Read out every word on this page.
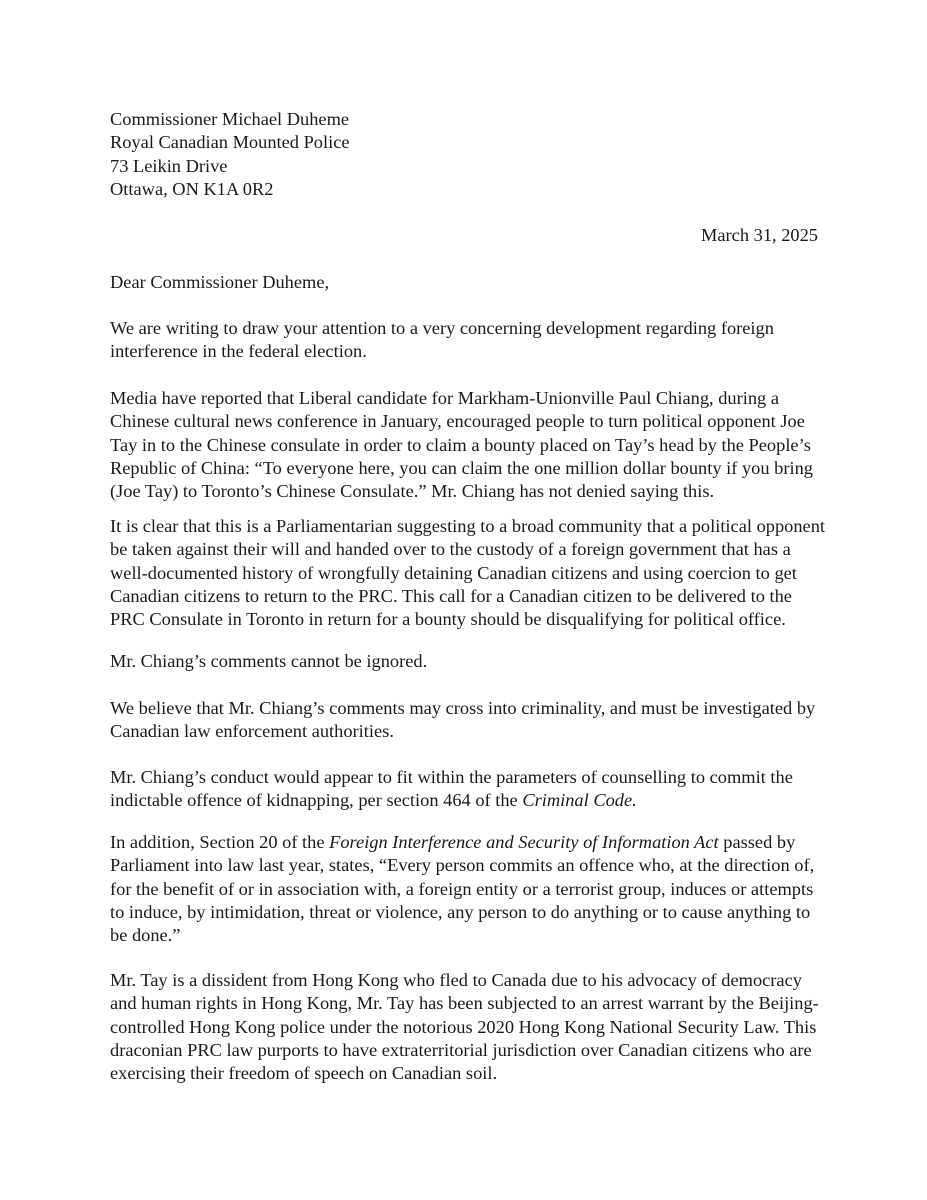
Commissioner Michael Duheme
Royal Canadian Mounted Police
73 Leikin Drive
Ottawa, ON K1A 0R2
March 31, 2025
Dear Commissioner Duheme,
We are writing to draw your attention to a very concerning development regarding foreign
interference in the federal election.
Media have reported that Liberal candidate for Markham-Unionville Paul Chiang, during a
Chinese cultural news conference in January, encouraged people to turn political opponent Joe
Tay in to the Chinese consulate in order to claim a bounty placed on Tay’s head by the People’s
Republic of China: “To everyone here, you can claim the one million dollar bounty if you bring
(Joe Tay) to Toronto’s Chinese Consulate.” Mr. Chiang has not denied saying this.
It is clear that this is a Parliamentarian suggesting to a broad community that a political opponent
be taken against their will and handed over to the custody of a foreign government that has a
well-documented history of wrongfully detaining Canadian citizens and using coercion to get
Canadian citizens to return to the PRC. This call for a Canadian citizen to be delivered to the
PRC Consulate in Toronto in return for a bounty should be disqualifying for political office.
Mr. Chiang’s comments cannot be ignored.
We believe that Mr. Chiang’s comments may cross into criminality, and must be investigated by
Canadian law enforcement authorities.
Mr. Chiang’s conduct would appear to fit within the parameters of counselling to commit the
indictable offence of kidnapping, per section 464 of the Criminal Code.
In addition, Section 20 of the Foreign Interference and Security of Information Act passed by
Parliament into law last year, states, “Every person commits an offence who, at the direction of,
for the benefit of or in association with, a foreign entity or a terrorist group, induces or attempts
to induce, by intimidation, threat or violence, any person to do anything or to cause anything to
be done.”
Mr. Tay is a dissident from Hong Kong who fled to Canada due to his advocacy of democracy
and human rights in Hong Kong, Mr. Tay has been subjected to an arrest warrant by the Beijing-
controlled Hong Kong police under the notorious 2020 Hong Kong National Security Law. This
draconian PRC law purports to have extraterritorial jurisdiction over Canadian citizens who are
exercising their freedom of speech on Canadian soil.
